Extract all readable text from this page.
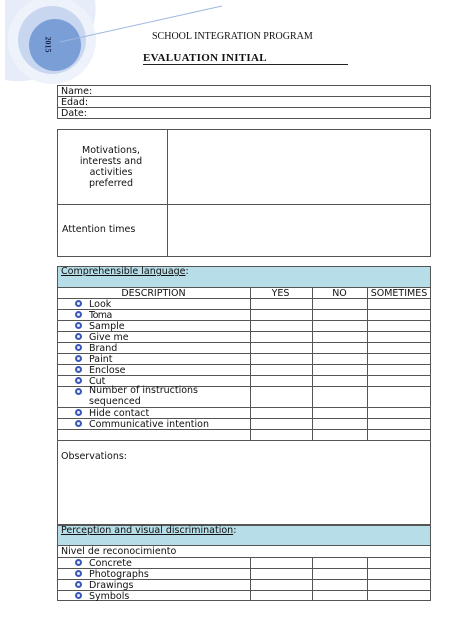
2015	SCHOOL INTEGRATION PROGRAM
EVALUATION INITIAL
Name:
Edad:
Date:
Motivations,
interests and
activities
preferred
Attention times
Comprehensible language:
DESCRIPTION	YES	NO	SOMETIMES
Look
Toma
Sample
Give me
Brand
Paint
Enclose
Cut
Number of instructions
sequenced
Hide contact
Communicative intention
Observations:
Perception and visual discrimination:
Nivel de reconocimiento
Concrete
Photographs
Drawings
Symbols
